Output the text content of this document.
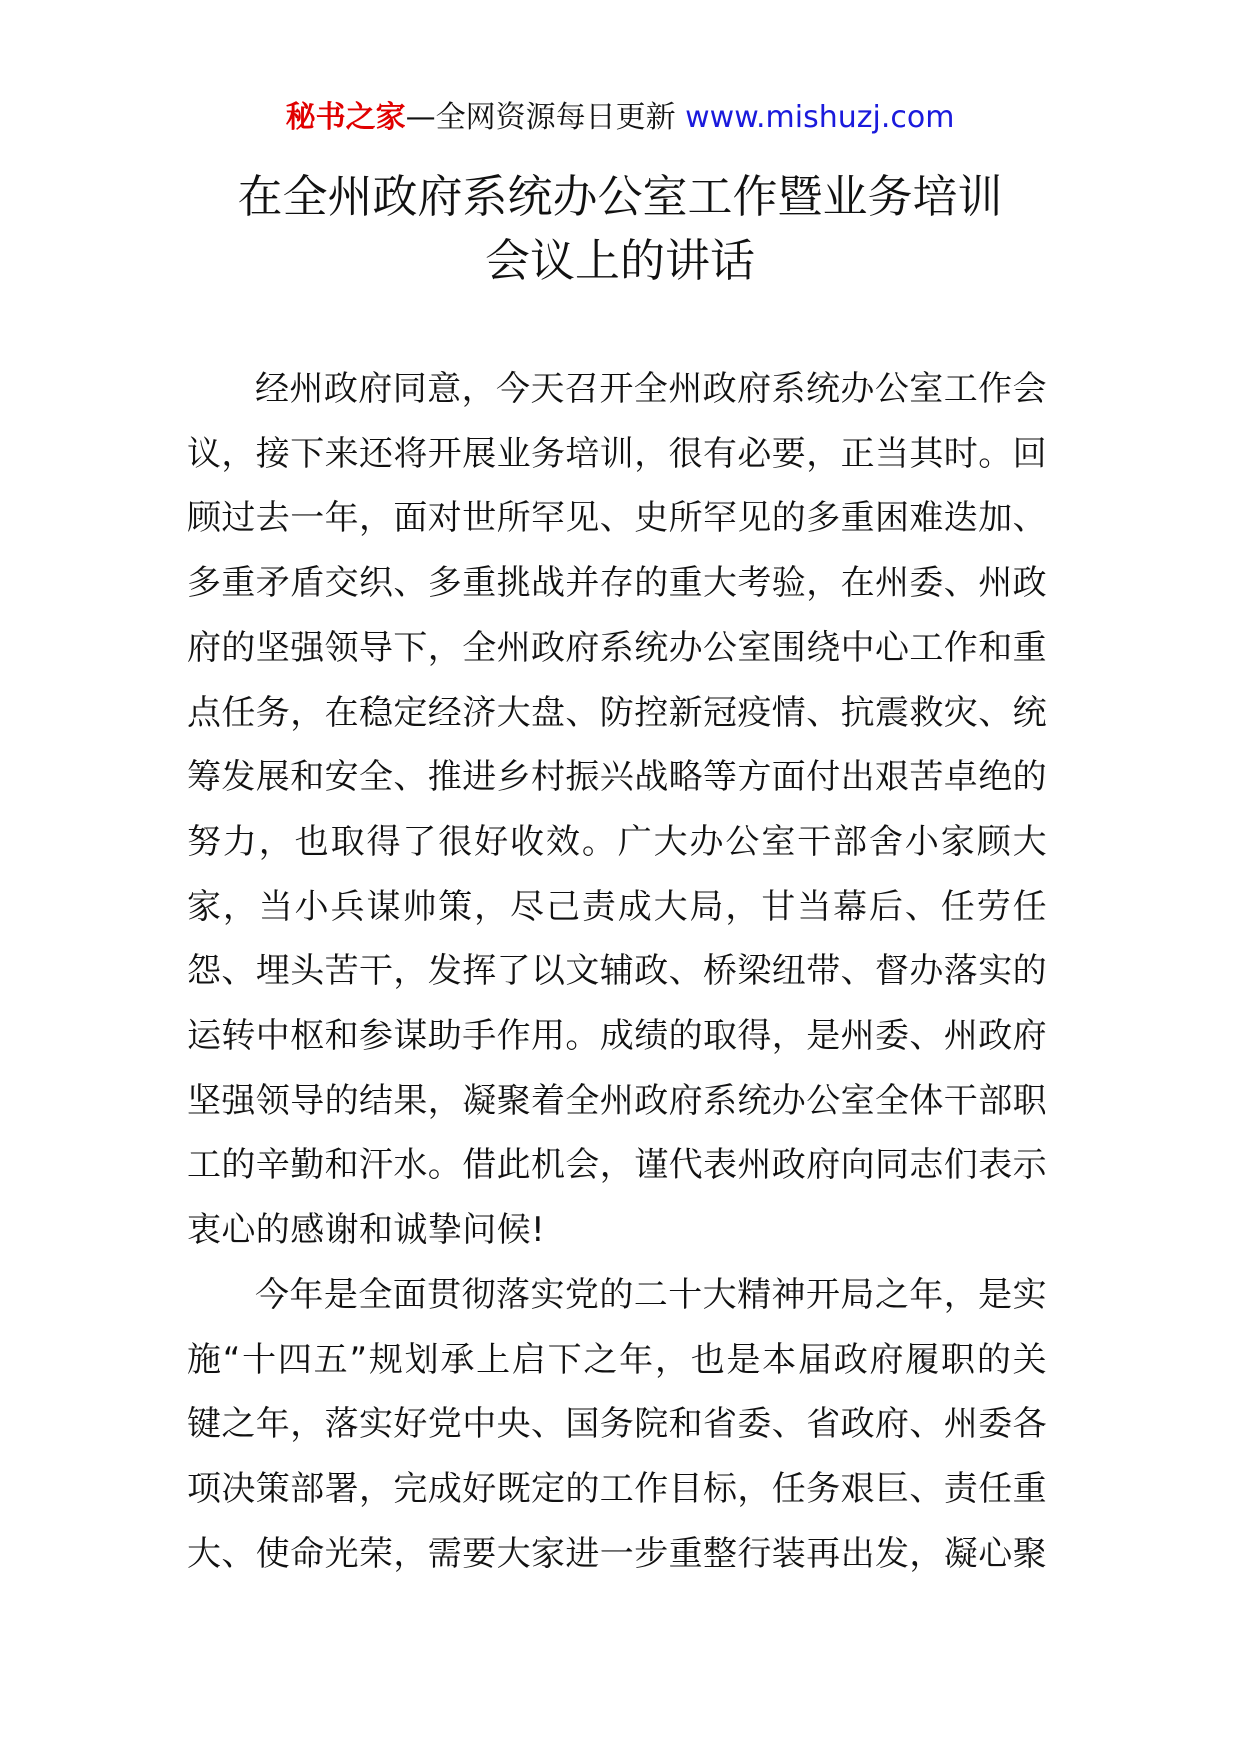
秘书之家—全网资源每日更新 www.mishuzj.com
在全州政府系统办公室工作暨业务培训
会议上的讲话

经州政府同意，今天召开全州政府系统办公室工作会议，接下来还将开展业务培训，很有必要，正当其时。回顾过去一年，面对世所罕见、史所罕见的多重困难迭加、多重矛盾交织、多重挑战并存的重大考验，在州委、州政府的坚强领导下，全州政府系统办公室围绕中心工作和重点任务，在稳定经济大盘、防控新冠疫情、抗震救灾、统筹发展和安全、推进乡村振兴战略等方面付出艰苦卓绝的努力，也取得了很好收效。广大办公室干部舍小家顾大家，当小兵谋帅策，尽己责成大局，甘当幕后、任劳任怨、埋头苦干，发挥了以文辅政、桥梁纽带、督办落实的运转中枢和参谋助手作用。成绩的取得，是州委、州政府坚强领导的结果，凝聚着全州政府系统办公室全体干部职工的辛勤和汗水。借此机会，谨代表州政府向同志们表示衷心的感谢和诚挚问候!

今年是全面贯彻落实党的二十大精神开局之年，是实施“十四五”规划承上启下之年，也是本届政府履职的关键之年，落实好党中央、国务院和省委、省政府、州委各项决策部署，完成好既定的工作目标，任务艰巨、责任重大、使命光荣，需要大家进一步重整行装再出发，凝心聚
